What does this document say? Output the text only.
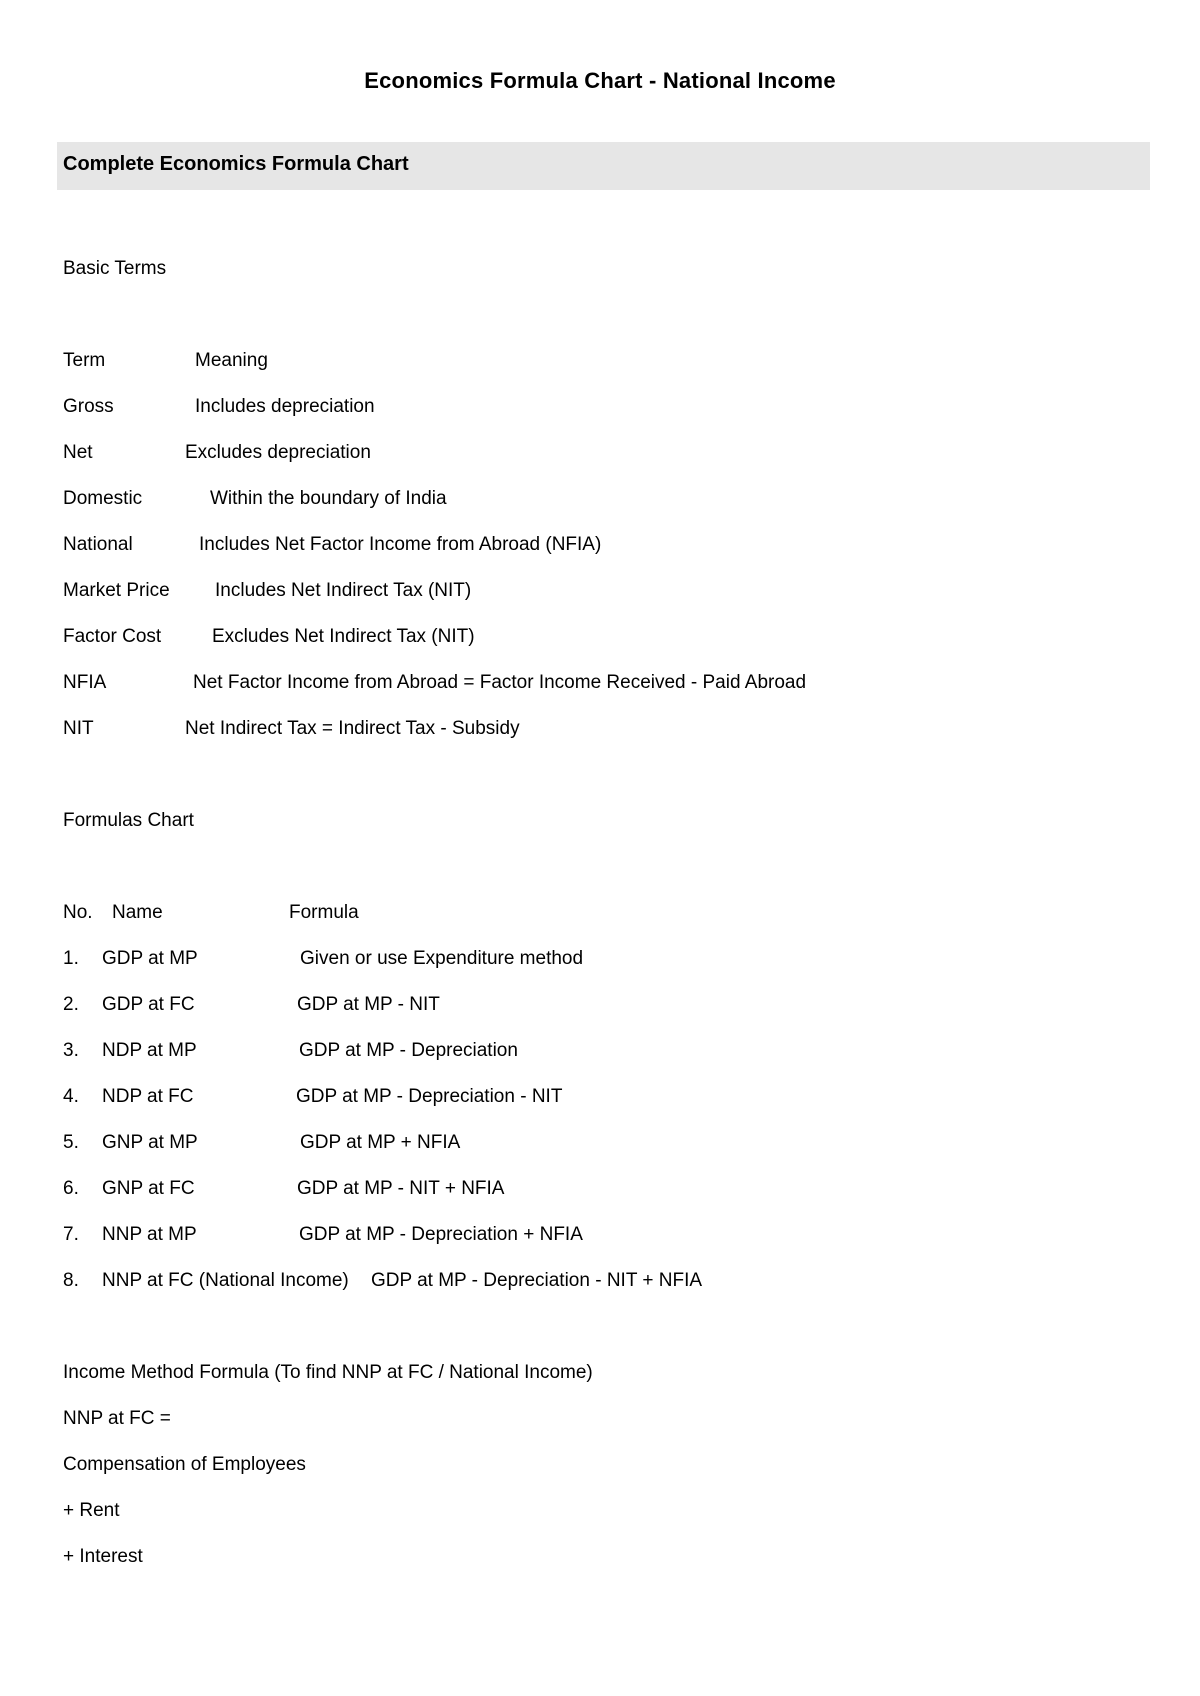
Economics Formula Chart - National Income
Complete Economics Formula Chart
Basic Terms
Term	Meaning
Gross	Includes depreciation
Net	Excludes depreciation
Domestic	Within the boundary of India
National	Includes Net Factor Income from Abroad (NFIA)
Market Price Includes Net Indirect Tax (NIT)
Factor Cost	Excludes Net Indirect Tax (NIT)
NFIA	Net Factor Income from Abroad = Factor Income Received - Paid Abroad
NIT	Net Indirect Tax = Indirect Tax - Subsidy
Formulas Chart
No. Name	Formula
1. GDP at MP	Given or use Expenditure method
2. GDP at FC	GDP at MP - NIT
3. NDP at MP	GDP at MP - Depreciation
4. NDP at FC	GDP at MP - Depreciation - NIT
5. GNP at MP	GDP at MP + NFIA
6. GNP at FC	GDP at MP - NIT + NFIA
7. NNP at MP	GDP at MP - Depreciation + NFIA
8. NNP at FC (National Income) GDP at MP - Depreciation - NIT + NFIA
Income Method Formula (To find NNP at FC / National Income)
NNP at FC =
Compensation of Employees
+ Rent
+ Interest
